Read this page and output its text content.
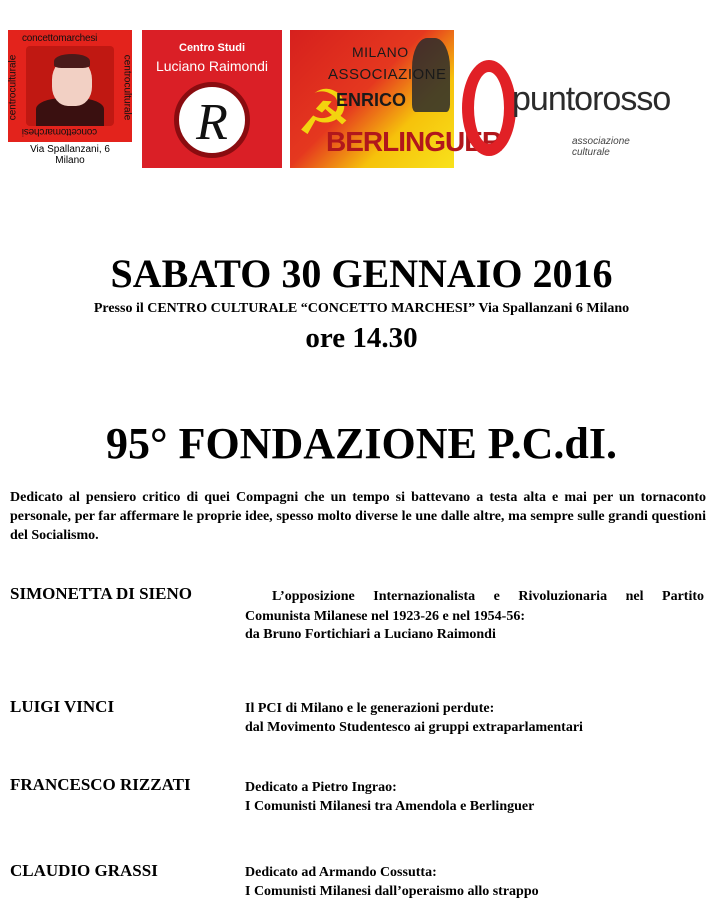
concettomarchesi
concettomarchesi
centroculturale	centroculturale
Via Spallanzani, 6
Milano
Centro Studi
Luciano Raimondi
R ☭
MILANO
ASSOCIAZIONE
ENRICO
BERLINGUER
puntorosso
associazione culturale
SABATO 30 GENNAIO 2016
Presso il CENTRO CULTURALE “CONCETTO MARCHESI” Via Spallanzani 6 Milano
ore 14.30
95° FONDAZIONE P.C.dI.
Dedicato al pensiero critico di quei Compagni che un tempo si battevano a testa alta e mai per un tornaconto personale, per far affermare le proprie idee, spesso molto diverse le une dalle altre, ma sempre sulle grandi questioni del Socialismo.
SIMONETTA DI SIENO	L’opposizione Internazionalista e Rivoluzionaria nel Partito
Comunista Milanese nel 1923-26 e nel 1954-56:
da Bruno Fortichiari a Luciano Raimondi
LUIGI VINCI	Il PCI di Milano e le generazioni perdute:
dal Movimento Studentesco ai gruppi extraparlamentari
FRANCESCO RIZZATI	Dedicato a Pietro Ingrao:
I Comunisti Milanesi tra Amendola e Berlinguer
CLAUDIO GRASSI	Dedicato ad Armando Cossutta:
I Comunisti Milanesi dall’operaismo allo strappo
